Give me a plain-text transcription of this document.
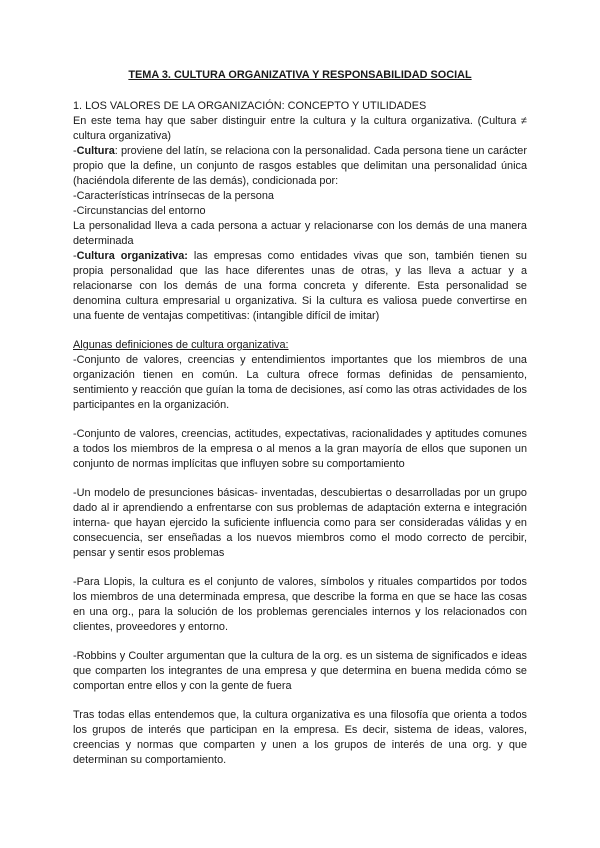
TEMA 3. CULTURA ORGANIZATIVA Y RESPONSABILIDAD SOCIAL

1. LOS VALORES DE LA ORGANIZACIÓN: CONCEPTO Y UTILIDADES

En este tema hay que saber distinguir entre la cultura y la cultura organizativa. (Cultura ≠ cultura organizativa)

-Cultura: proviene del latín, se relaciona con la personalidad. Cada persona tiene un carácter propio que la define, un conjunto de rasgos estables que delimitan una personalidad única (haciéndola diferente de las demás), condicionada por:

-Características intrínsecas de la persona

-Circunstancias del entorno

La personalidad lleva a cada persona a actuar y relacionarse con los demás de una manera determinada

-Cultura organizativa: las empresas como entidades vivas que son, también tienen su propia personalidad que las hace diferentes unas de otras, y las lleva a actuar y a relacionarse con los demás de una forma concreta y diferente. Esta personalidad se denomina cultura empresarial u organizativa. Si la cultura es valiosa puede convertirse en una fuente de ventajas competitivas: (intangible difícil de imitar)

Algunas definiciones de cultura organizativa:

-Conjunto de valores, creencias y entendimientos importantes que los miembros de una organización tienen en común. La cultura ofrece formas definidas de pensamiento, sentimiento y reacción que guían la toma de decisiones, así como las otras actividades de los participantes en la organización.

-Conjunto de valores, creencias, actitudes, expectativas, racionalidades y aptitudes comunes a todos los miembros de la empresa o al menos a la gran mayoría de ellos que suponen un conjunto de normas implícitas que influyen sobre su comportamiento

-Un modelo de presunciones básicas- inventadas, descubiertas o desarrolladas por un grupo dado al ir aprendiendo a enfrentarse con sus problemas de adaptación externa e integración interna- que hayan ejercido la suficiente influencia como para ser consideradas válidas y en consecuencia, ser enseñadas a los nuevos miembros como el modo correcto de percibir, pensar y sentir esos problemas

-Para Llopis, la cultura es el conjunto de valores, símbolos y rituales compartidos por todos los miembros de una determinada empresa, que describe la forma en que se hace las cosas en una org., para la solución de los problemas gerenciales internos y los relacionados con clientes, proveedores y entorno.

-Robbins y Coulter argumentan que la cultura de la org. es un sistema de significados e ideas que comparten los integrantes de una empresa y que determina en buena medida cómo se comportan entre ellos y con la gente de fuera

Tras todas ellas entendemos que, la cultura organizativa es una filosofía que orienta a todos los grupos de interés que participan en la empresa. Es decir, sistema de ideas, valores, creencias y normas que comparten y unen a los grupos de interés de una org. y que determinan su comportamiento.
